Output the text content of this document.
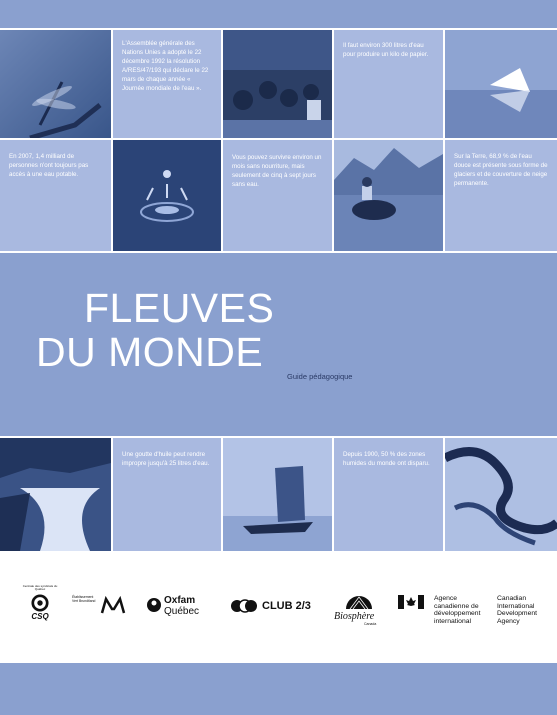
L'Assemblée générale des Nations Unies a adopté le 22 décembre 1992 la résolution A/RES/47/193 qui déclare le 22 mars de chaque année « Journée mondiale de l'eau ».
Il faut environ 300 litres d'eau pour produire un kilo de papier.
En 2007, 1,4 milliard de personnes n'ont toujours pas accès à une eau potable.
Vous pouvez survivre environ un mois sans nourriture, mais seulement de cinq à sept jours sans eau.
Sur la Terre, 68,9 % de l'eau douce est présente sous forme de glaciers et de couverture de neige permanente.
FLEUVES
DU MONDE
Guide pédagogique
Une goutte d'huile peut rendre impropre jusqu'à 25 litres d'eau.
Depuis 1900, 50 % des zones humides du monde ont disparu.
Centrale des syndicats du Québec
CSQ
Établissement Vert Brundtland	Oxfam
Québec	CLUB 2/3
Biosphère
Canada
Agence canadienne de développement international
Canadian International Development Agency
